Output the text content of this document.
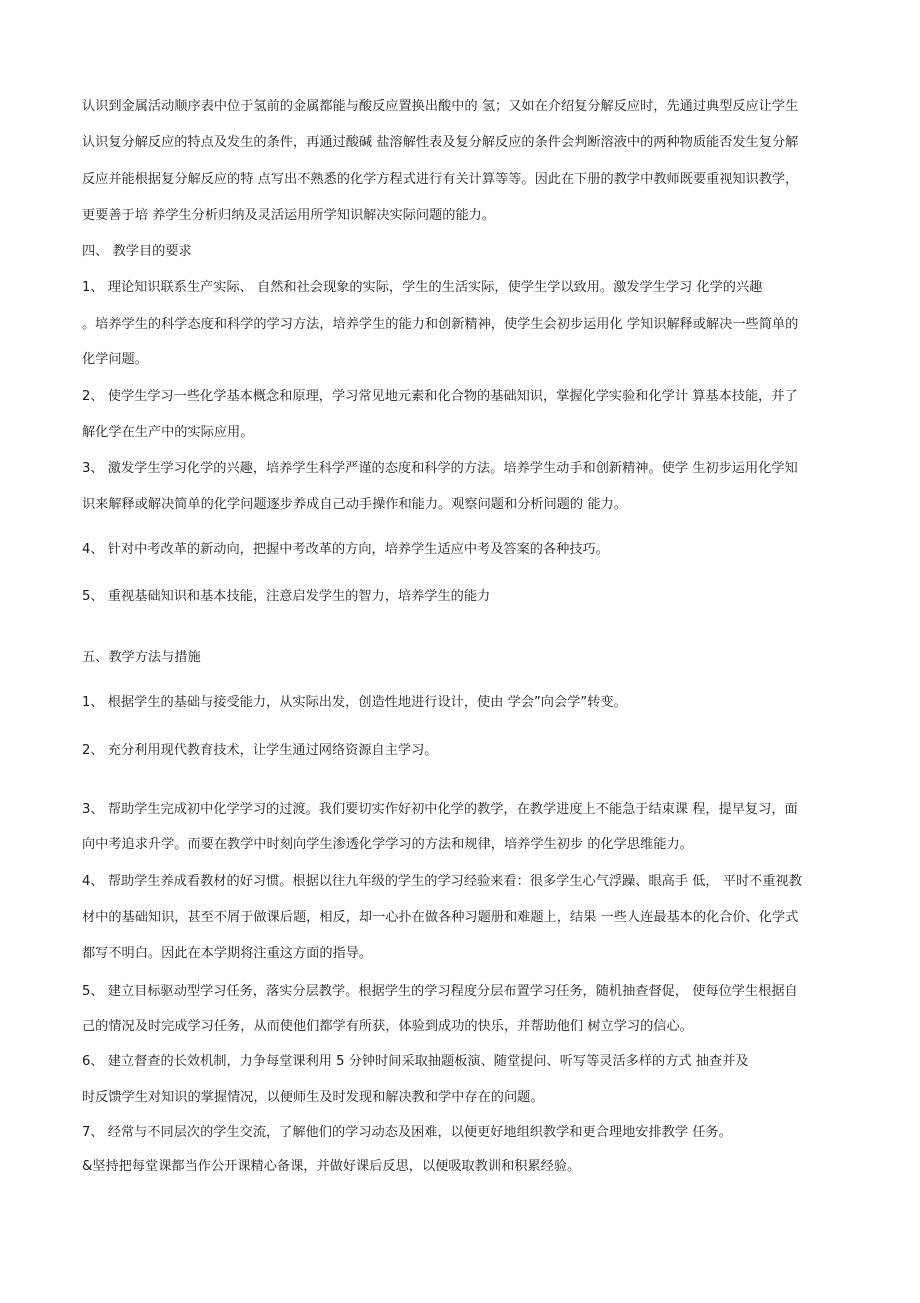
认识到金属活动顺序表中位于氢前的金属都能与酸反应置换出酸中的 氢；又如在介绍复分解反应时，先通过典型反应让学生

认识复分解反应的特点及发生的条件，再通过酸碱 盐溶解性表及复分解反应的条件会判断溶液中的两种物质能否发生复分解

反应并能根据复分解反应的特 点写出不熟悉的化学方程式进行有关计算等等。因此在下册的教学中教师既要重视知识教学，

更要善于培 养学生分析归纳及灵活运用所学知识解决实际问题的能力。

四、 教学目的要求

1、 理论知识联系生产实际、 自然和社会现象的实际，学生的生活实际，使学生学以致用。激发学生学习 化学的兴趣

。培养学生的科学态度和科学的学习方法，培养学生的能力和创新精神，使学生会初步运用化 学知识解释或解决一些简单的

化学问题。

2、 使学生学习一些化学基本概念和原理，学习常见地元素和化合物的基础知识，掌握化学实验和化学计 算基本技能，并了

解化学在生产中的实际应用。

3、 激发学生学习化学的兴趣，培养学生科学严谨的态度和科学的方法。培养学生动手和创新精神。使学 生初步运用化学知

识来解释或解决简单的化学问题逐步养成自己动手操作和能力。观察问题和分析问题的 能力。

4、 针对中考改革的新动向，把握中考改革的方向，培养学生适应中考及答案的各种技巧。

5、 重视基础知识和基本技能，注意启发学生的智力，培养学生的能力

五、教学方法与措施

1、 根据学生的基础与接受能力，从实际出发，创造性地进行设计，使由 学会”向会学”转变。

2、 充分利用现代教育技术，让学生通过网络资源自主学习。

3、 帮助学生完成初中化学学习的过渡。我们要切实作好初中化学的教学，在教学进度上不能急于结束课 程，提早复习，面

向中考追求升学。而要在教学中时刻向学生渗透化学学习的方法和规律，培养学生初步 的化学思维能力。

4、 帮助学生养成看教材的好习惯。根据以往九年级的学生的学习经验来看：很多学生心气浮躁、眼高手 低， 平时不重视教

材中的基础知识，甚至不屑于做课后题，相反，却一心扑在做各种习题册和难题上，结果 一些人连最基本的化合价、化学式

都写不明白。因此在本学期将注重这方面的指导。

5、 建立目标驱动型学习任务，落实分层教学。根据学生的学习程度分层布置学习任务，随机抽查督促， 使每位学生根据自

己的情况及时完成学习任务，从而使他们都学有所获，体验到成功的快乐，并帮助他们 树立学习的信心。

6、 建立督查的长效机制，力争每堂课利用 5 分钟时间采取抽题板演、随堂提问、听写等灵活多样的方式 抽查并及

时反馈学生对知识的掌握情况，以便师生及时发现和解决教和学中存在的问题。

7、 经常与不同层次的学生交流，了解他们的学习动态及困难，以便更好地组织教学和更合理地安排教学 任务。

&坚持把每堂课都当作公开课精心备课，并做好课后反思，以便吸取教训和积累经验。
